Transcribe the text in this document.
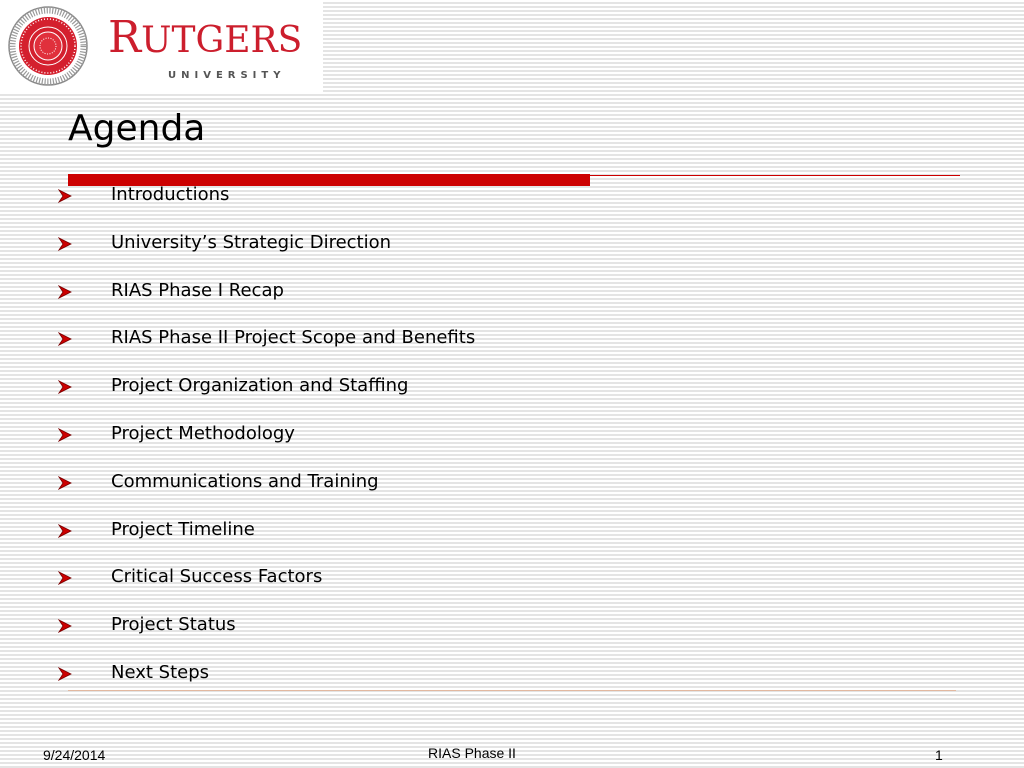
RUTGERS
UNIVERSITY
Agenda
Introductions
University’s Strategic Direction
RIAS Phase I Recap
RIAS Phase II Project Scope and Benefits
Project Organization and Staffing
Project Methodology
Communications and Training
Project Timeline
Critical Success Factors
Project Status
Next Steps
9/24/2014	RIAS Phase II	1
